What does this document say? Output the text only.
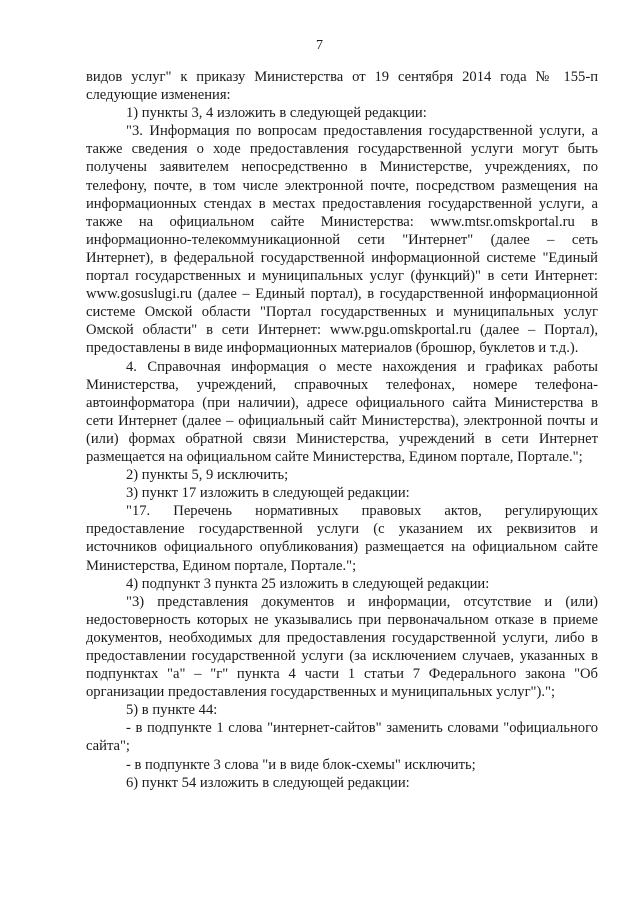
7

видов услуг" к приказу Министерства от 19 сентября 2014 года № 155-п следующие изменения:

1) пункты 3, 4 изложить в следующей редакции:

"3. Информация по вопросам предоставления государственной услуги, а также сведения о ходе предоставления государственной услуги могут быть получены заявителем непосредственно в Министерстве, учреждениях, по телефону, почте, в том числе электронной почте, посредством размещения на информационных стендах в местах предоставления государственной услуги, а также на официальном сайте Министерства: www.mtsr.omskportal.ru в информационно-телекоммуникационной сети "Интернет" (далее – сеть Интернет), в федеральной государственной информационной системе "Единый портал государственных и муниципальных услуг (функций)" в сети Интернет: www.gosuslugi.ru (далее – Единый портал), в государственной информационной системе Омской области "Портал государственных и муниципальных услуг Омской области" в сети Интернет: www.pgu.omskportal.ru (далее – Портал), предоставлены в виде информационных материалов (брошюр, буклетов и т.д.).

4. Справочная информация о месте нахождения и графиках работы Министерства, учреждений, справочных телефонах, номере телефона-автоинформатора (при наличии), адресе официального сайта Министерства в сети Интернет (далее – официальный сайт Министерства), электронной почты и (или) формах обратной связи Министерства, учреждений в сети Интернет размещается на официальном сайте Министерства, Едином портале, Портале.";

2) пункты 5, 9 исключить;

3) пункт 17 изложить в следующей редакции:

"17. Перечень нормативных правовых актов, регулирующих предоставление государственной услуги (с указанием их реквизитов и источников официального опубликования) размещается на официальном сайте Министерства, Едином портале, Портале.";

4) подпункт 3 пункта 25 изложить в следующей редакции:

"3) представления документов и информации, отсутствие и (или) недостоверность которых не указывались при первоначальном отказе в приеме документов, необходимых для предоставления государственной услуги, либо в предоставлении государственной услуги (за исключением случаев, указанных в подпунктах "а" – "г" пункта 4 части 1 статьи 7 Федерального закона "Об организации предоставления государственных и муниципальных услуг").";

5) в пункте 44:

- в подпункте 1 слова "интернет-сайтов" заменить словами "официального сайта";

- в подпункте 3 слова "и в виде блок-схемы" исключить;

6) пункт 54 изложить в следующей редакции:
